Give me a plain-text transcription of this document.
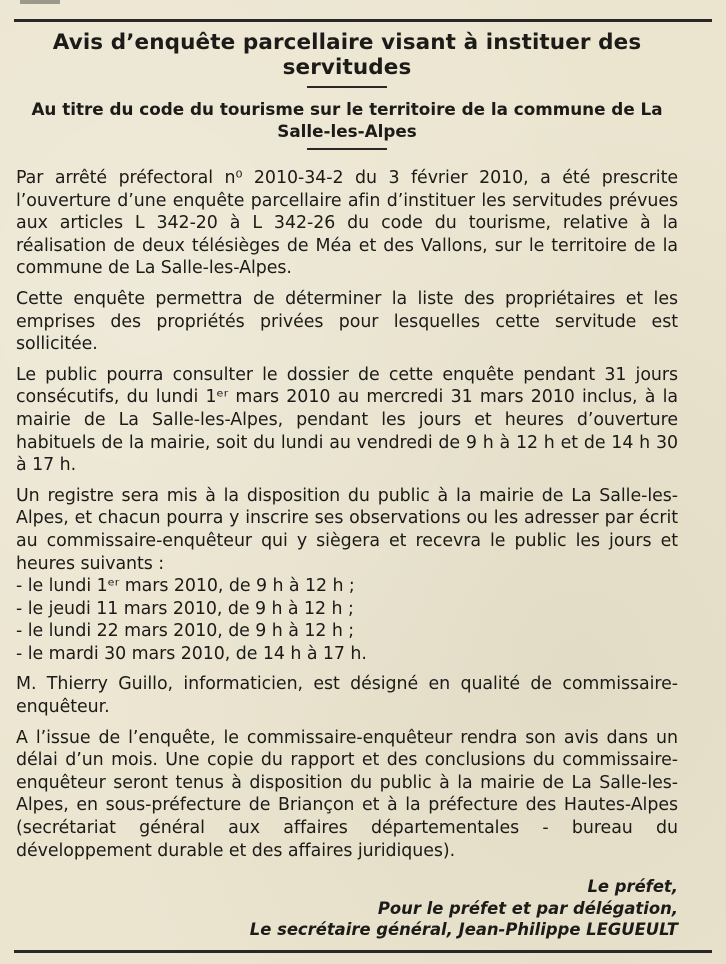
Avis d’enquête parcellaire visant à instituer des servitudes
Au titre du code du tourisme sur le territoire de la commune de La Salle-les-Alpes

Par arrêté préfectoral n⁰ 2010-34-2 du 3 février 2010, a été prescrite l’ouverture d’une enquête parcellaire afin d’instituer les servitudes prévues aux articles L 342-20 à L 342-26 du code du tourisme, relative à la réalisation de deux télésièges de Méa et des Vallons, sur le territoire de la commune de La Salle-les-Alpes.

Cette enquête permettra de déterminer la liste des propriétaires et les emprises des propriétés privées pour lesquelles cette servitude est sollicitée.

Le public pourra consulter le dossier de cette enquête pendant 31 jours consécutifs, du lundi 1ᵉʳ mars 2010 au mercredi 31 mars 2010 inclus, à la mairie de La Salle-les-Alpes, pendant les jours et heures d’ouverture habituels de la mairie, soit du lundi au vendredi de 9 h à 12 h et de 14 h 30 à 17 h.

Un registre sera mis à la disposition du public à la mairie de La Salle-les-Alpes, et chacun pourra y inscrire ses observations ou les adresser par écrit au commissaire-enquêteur qui y siègera et recevra le public les jours et heures suivants :

- le lundi 1ᵉʳ mars 2010, de 9 h à 12 h ;
- le jeudi 11 mars 2010, de 9 h à 12 h ;
- le lundi 22 mars 2010, de 9 h à 12 h ;
- le mardi 30 mars 2010, de 14 h à 17 h.

M. Thierry Guillo, informaticien, est désigné en qualité de commissaire-enquêteur.

A l’issue de l’enquête, le commissaire-enquêteur rendra son avis dans un délai d’un mois. Une copie du rapport et des conclusions du commissaire-enquêteur seront tenus à disposition du public à la mairie de La Salle-les-Alpes, en sous-préfecture de Briançon et à la préfecture des Hautes-Alpes (secrétariat général aux affaires départementales - bureau du développement durable et des affaires juridiques).

Le préfet,
Pour le préfet et par délégation,
Le secrétaire général, Jean-Philippe LEGUEULT
